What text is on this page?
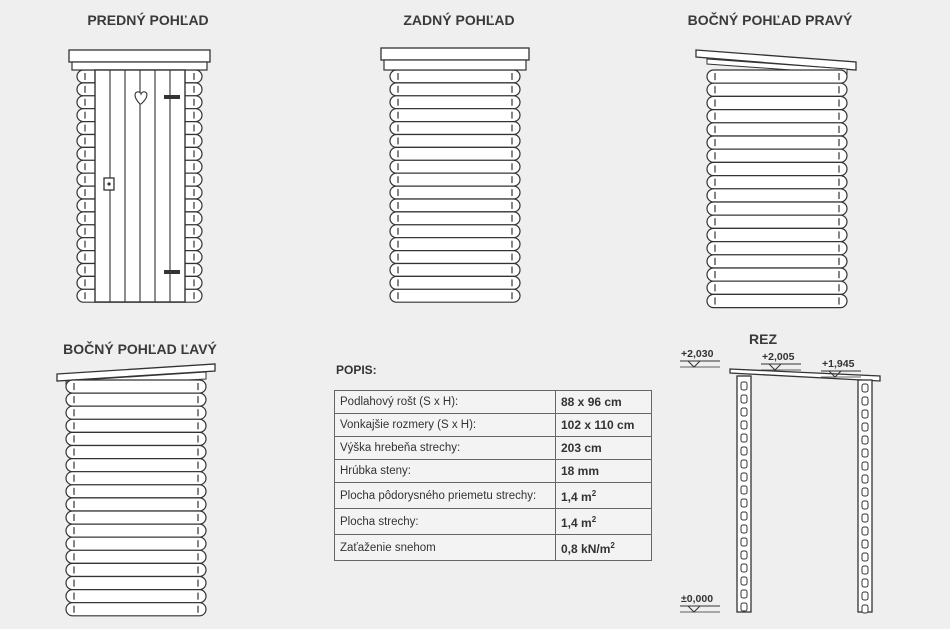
PREDNÝ POHĽAD	ZADNÝ POHĽAD	BOČNÝ POHĽAD PRAVÝ
BOČNÝ POHĽAD ĽAVÝ
REZ
+2,030	+2,005
+1,945
±0,000
POPIS:
Podlahový rošt (S x H):	88 x 96 cm
Vonkajšie rozmery (S x H):	102 x 110 cm
Výška hrebeňa strechy:	203 cm
Hrúbka steny:	18 mm
Plocha pôdorysného priemetu strechy:	1,4 $m^2$
Plocha strechy:	1,4 $m^2$
Zaťaženie snehom	0,8 $kN/m^2$
